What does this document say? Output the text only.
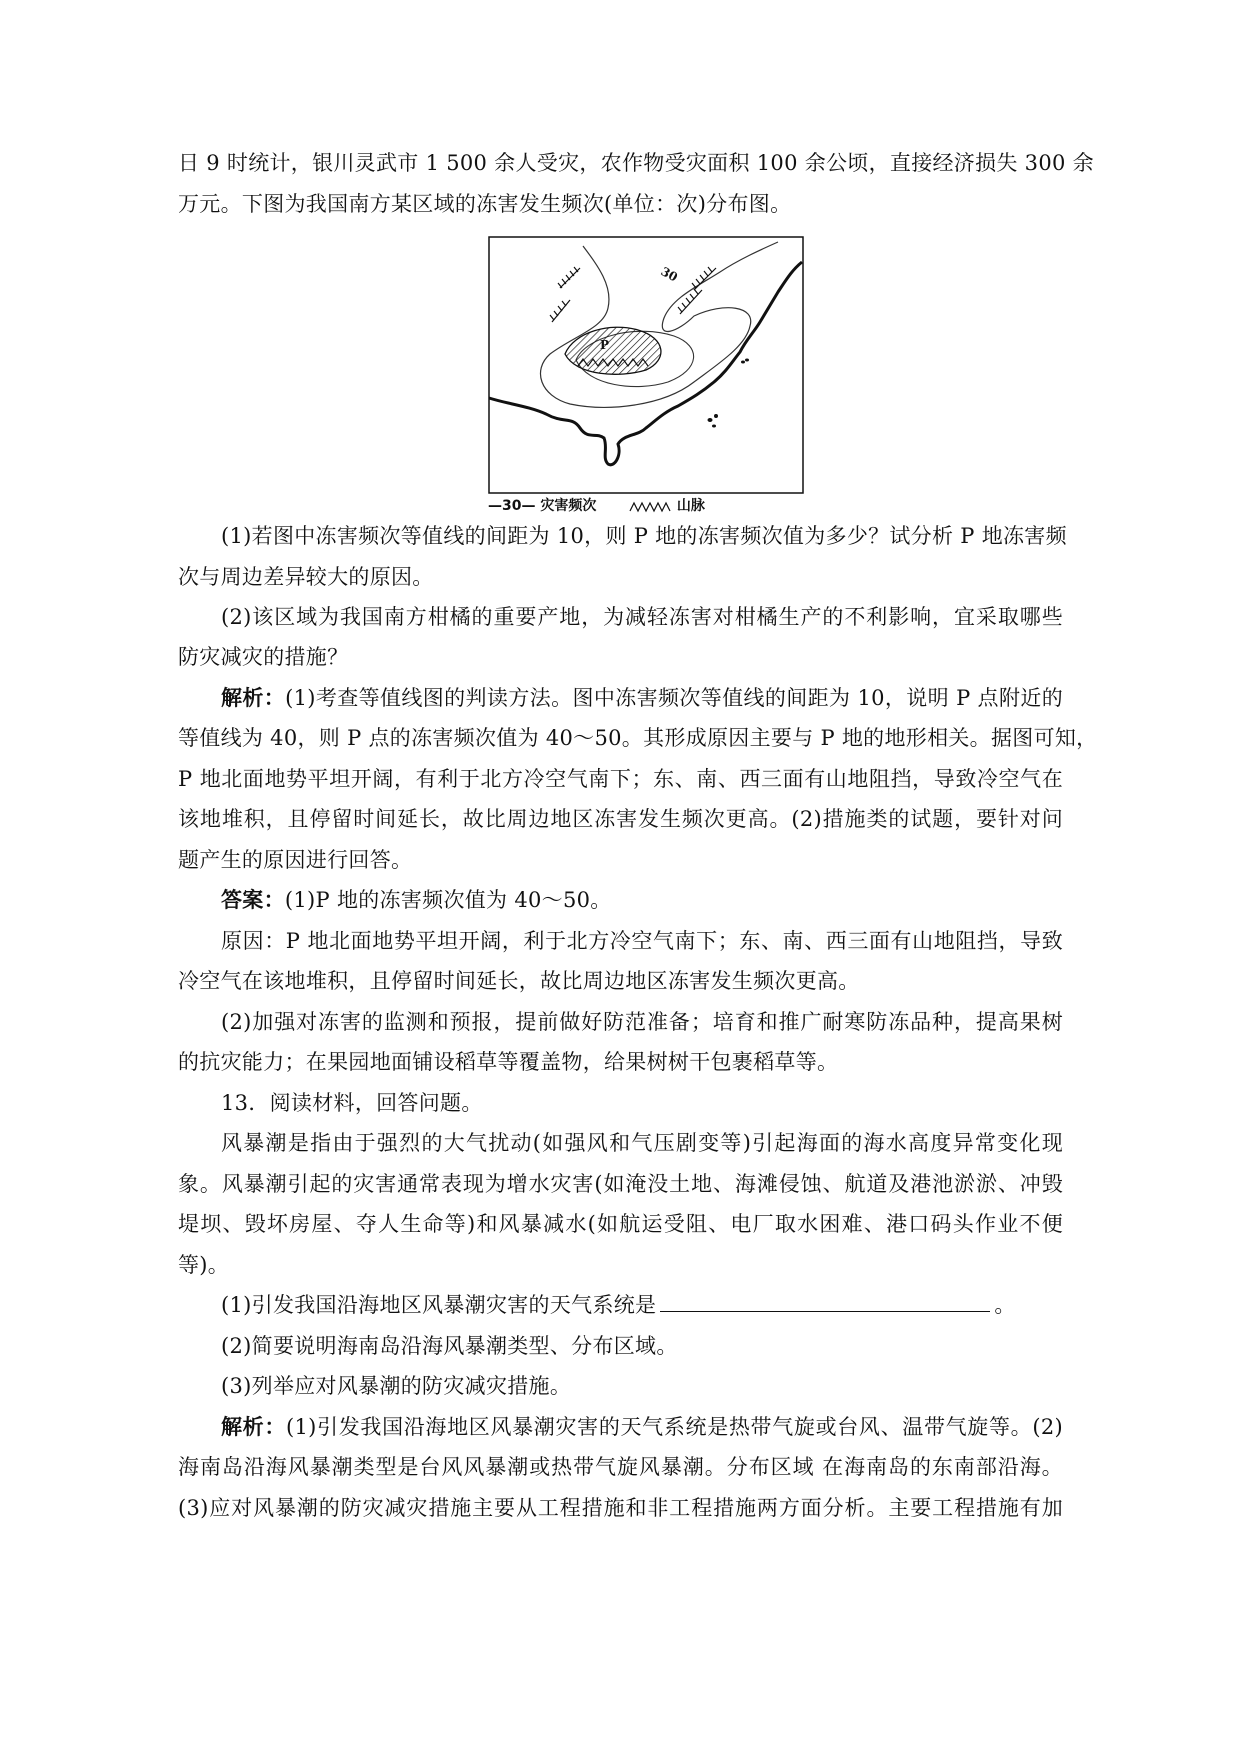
日 9 时统计，银川灵武市 1 500 余人受灾，农作物受灾面积 100 余公顷，直接经济损失 300 余
万元。下图为我国南方某区域的冻害发生频次(单位：次)分布图。
P
30
—30— 灾害频次	山脉
(1)若图中冻害频次等值线的间距为 10，则 P 地的冻害频次值为多少？试分析 P 地冻害频
次与周边差异较大的原因。
(2)该区域为我国南方柑橘的重要产地，为减轻冻害对柑橘生产的不利影响，宜采取哪些
防灾减灾的措施？
解析：(1)考查等值线图的判读方法。图中冻害频次等值线的间距为 10，说明 P 点附近的
等值线为 40，则 P 点的冻害频次值为 40～50。其形成原因主要与 P 地的地形相关。据图可知，
P 地北面地势平坦开阔，有利于北方冷空气南下；东、南、西三面有山地阻挡，导致冷空气在
该地堆积，且停留时间延长，故比周边地区冻害发生频次更高。(2)措施类的试题，要针对问
题产生的原因进行回答。
答案：(1)P 地的冻害频次值为 40～50。
原因：P 地北面地势平坦开阔，利于北方冷空气南下；东、南、西三面有山地阻挡，导致
冷空气在该地堆积，且停留时间延长，故比周边地区冻害发生频次更高。
(2)加强对冻害的监测和预报，提前做好防范准备；培育和推广耐寒防冻品种，提高果树
的抗灾能力；在果园地面铺设稻草等覆盖物，给果树树干包裹稻草等。
13．阅读材料，回答问题。
风暴潮是指由于强烈的大气扰动(如强风和气压剧变等)引起海面的海水高度异常变化现
象。风暴潮引起的灾害通常表现为增水灾害(如淹没土地、海滩侵蚀、航道及港池淤淤、冲毁
堤坝、毁坏房屋、夺人生命等)和风暴减水(如航运受阻、电厂取水困难、港口码头作业不便
等)。
(1)引发我国沿海地区风暴潮灾害的天气系统是	。
(2)简要说明海南岛沿海风暴潮类型、分布区域。
(3)列举应对风暴潮的防灾减灾措施。
解析：(1)引发我国沿海地区风暴潮灾害的天气系统是热带气旋或台风、温带气旋等。(2)
海南岛沿海风暴潮类型是台风风暴潮或热带气旋风暴潮。分布区域 在海南岛的东南部沿海。
(3)应对风暴潮的防灾减灾措施主要从工程措施和非工程措施两方面分析。主要工程措施有加
